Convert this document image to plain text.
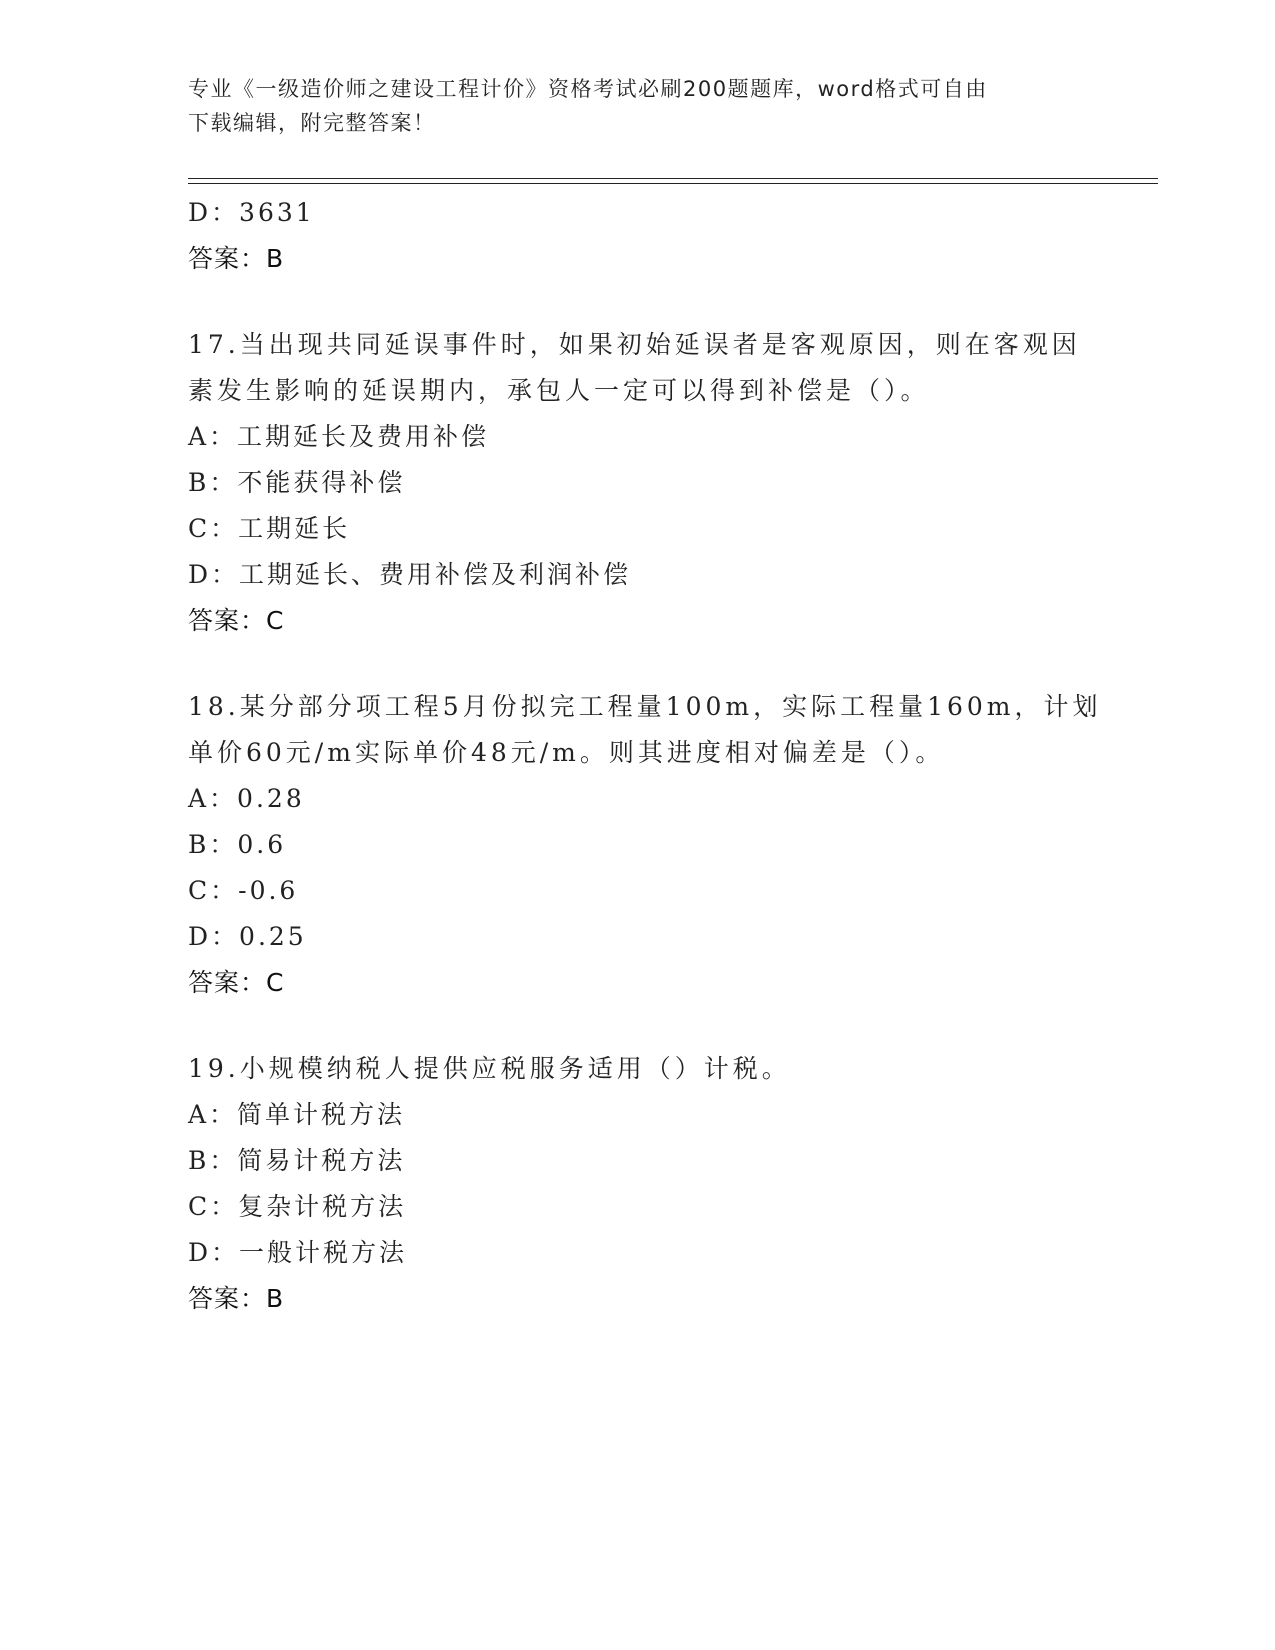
专业《一级造价师之建设工程计价》资格考试必刷200题题库，word格式可自由
下载编辑，附完整答案！
D：3631
答案：B
17.当出现共同延误事件时，如果初始延误者是客观原因，则在客观因
素发生影响的延误期内，承包人一定可以得到补偿是（）。
A：工期延长及费用补偿
B：不能获得补偿
C：工期延长
D：工期延长、费用补偿及利润补偿
答案：C
18.某分部分项工程5月份拟完工程量100m，实际工程量160m，计划
单价60元/m实际单价48元/m。则其进度相对偏差是（）。
A：0.28
B：0.6
C：-0.6
D：0.25
答案：C
19.小规模纳税人提供应税服务适用（）计税。
A：简单计税方法
B：简易计税方法
C：复杂计税方法
D：一般计税方法
答案：B
